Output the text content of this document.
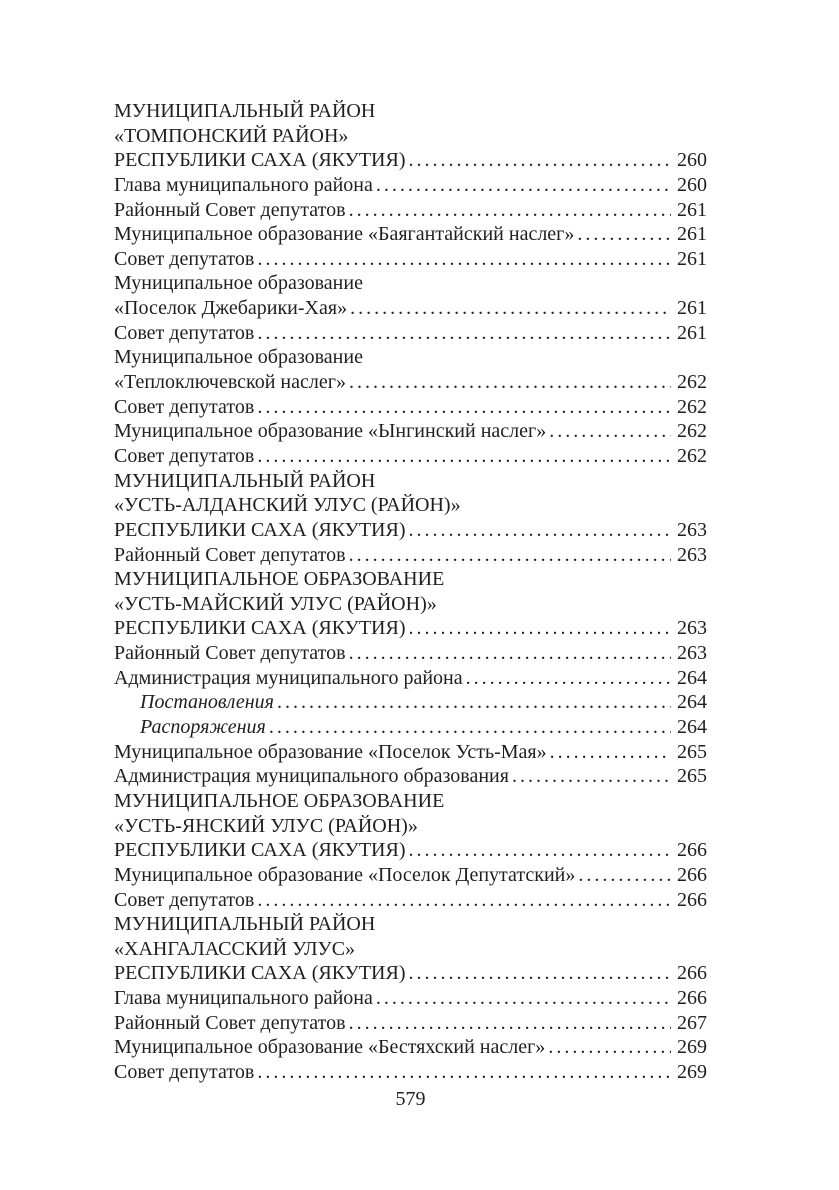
МУНИЦИПАЛЬНЫЙ РАЙОН
«ТОМПОНСКИЙ РАЙОН»
РЕСПУБЛИКИ САХА (ЯКУТИЯ) .....	260
Глава муниципального района .....	260
Районный Совет депутатов .....	261
Муниципальное образование «Баягантайский наслег» .....	261
Совет депутатов .....	261
Муниципальное образование
«Поселок Джебарики-Хая» .....	261
Совет депутатов .....	261
Муниципальное образование
«Теплоключевской наслег» .....	262
Совет депутатов .....	262
Муниципальное образование «Ынгинский наслег» .....	262
Совет депутатов .....	262
МУНИЦИПАЛЬНЫЙ РАЙОН
«УСТЬ-АЛДАНСКИЙ УЛУС (РАЙОН)»
РЕСПУБЛИКИ САХА (ЯКУТИЯ) .....	263
Районный Совет депутатов .....	263
МУНИЦИПАЛЬНОЕ ОБРАЗОВАНИЕ
«УСТЬ-МАЙСКИЙ УЛУС (РАЙОН)»
РЕСПУБЛИКИ САХА (ЯКУТИЯ) .....	263
Районный Совет депутатов .....	263
Администрация муниципального района .....	264
Постановления .....	264
Распоряжения .....	264
Муниципальное образование «Поселок Усть-Мая» .....	265
Администрация муниципального образования .....	265
МУНИЦИПАЛЬНОЕ ОБРАЗОВАНИЕ
«УСТЬ-ЯНСКИЙ УЛУС (РАЙОН)»
РЕСПУБЛИКИ САХА (ЯКУТИЯ) .....	266
Муниципальное образование «Поселок Депутатский» .....	266
Совет депутатов .....	266
МУНИЦИПАЛЬНЫЙ РАЙОН
«ХАНГАЛАССКИЙ УЛУС»
РЕСПУБЛИКИ САХА (ЯКУТИЯ) .....	266
Глава муниципального района .....	266
Районный Совет депутатов .....	267
Муниципальное образование «Бестяхский наслег» .....	269
Совет депутатов .....	269
579
